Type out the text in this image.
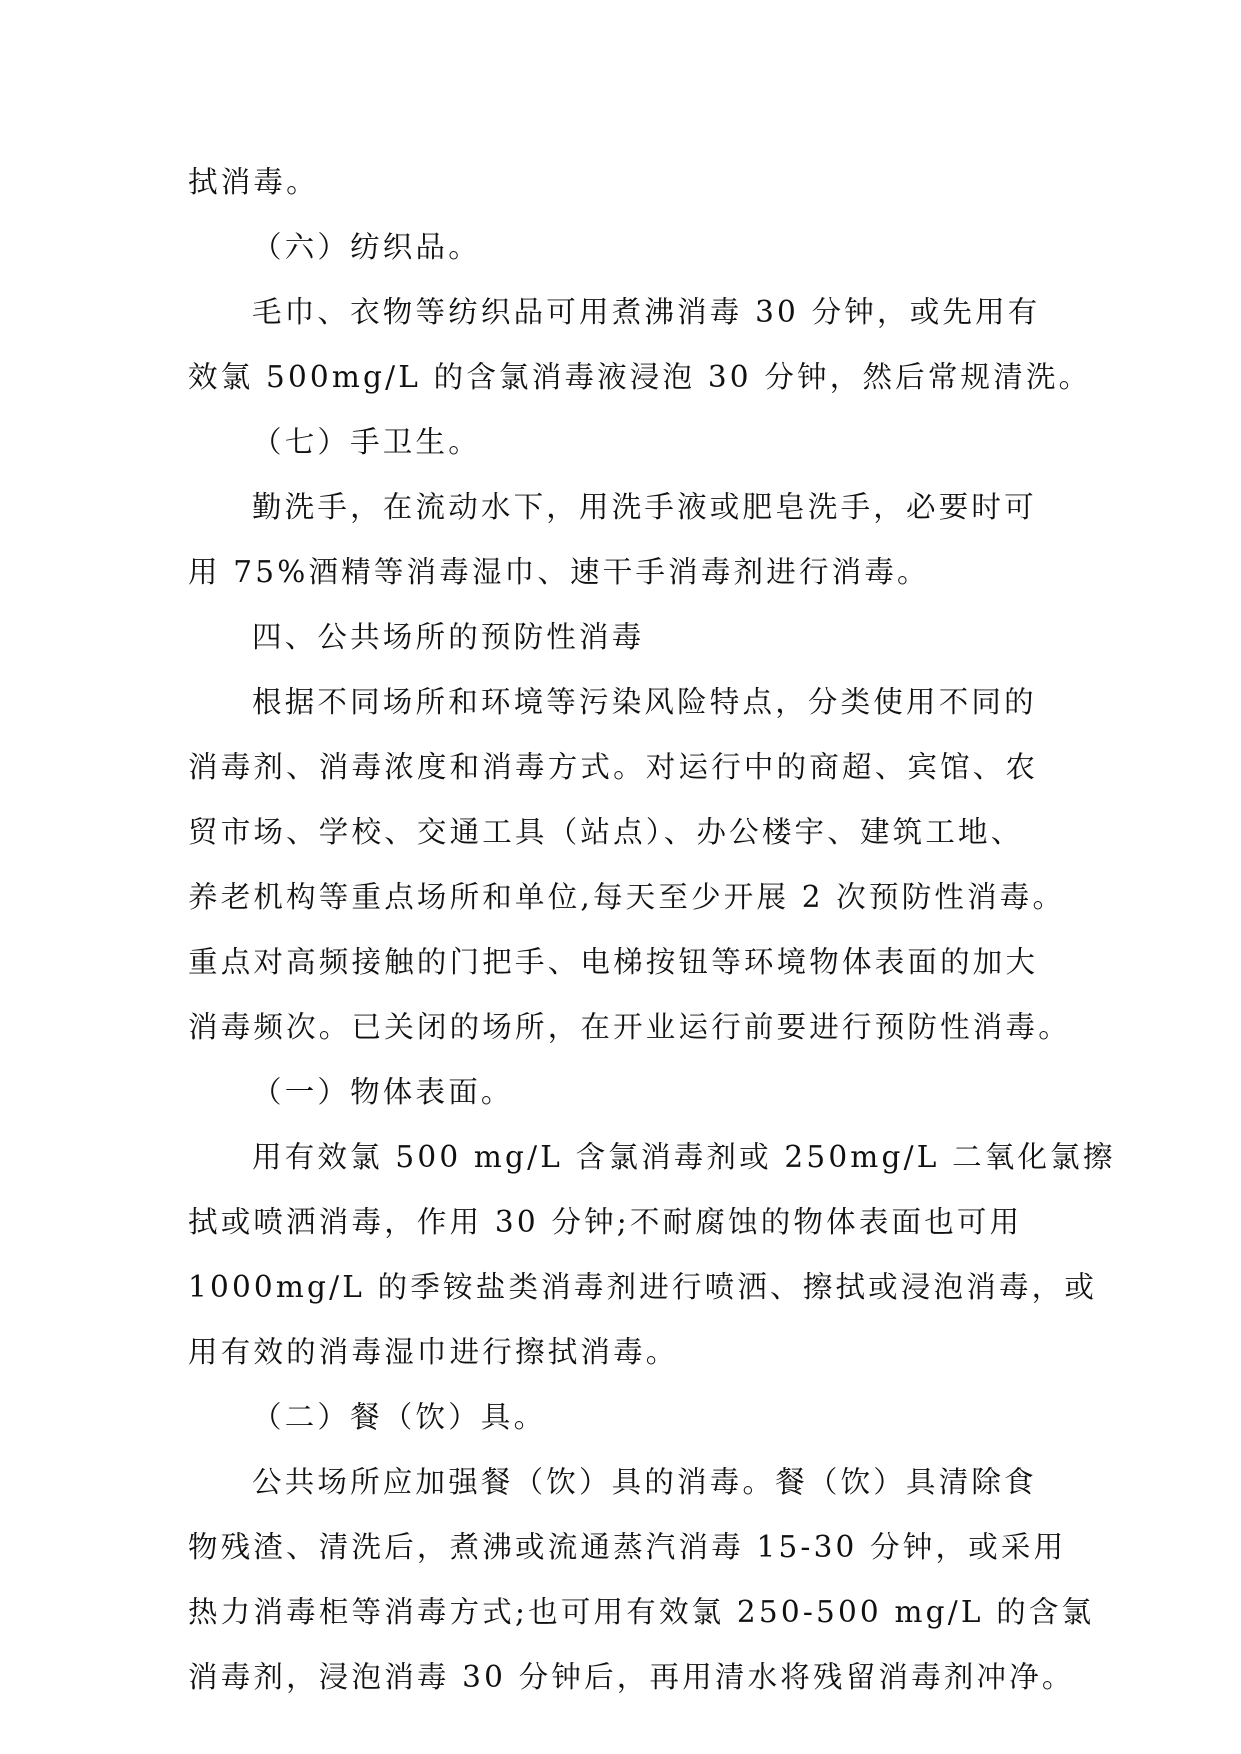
拭消毒。
（六）纺织品。
毛巾、衣物等纺织品可用煮沸消毒 30 分钟，或先用有
效氯 500mg/L 的含氯消毒液浸泡 30 分钟，然后常规清洗。
（七）手卫生。
勤洗手，在流动水下，用洗手液或肥皂洗手，必要时可
用 75%酒精等消毒湿巾、速干手消毒剂进行消毒。
四、公共场所的预防性消毒
根据不同场所和环境等污染风险特点，分类使用不同的
消毒剂、消毒浓度和消毒方式。对运行中的商超、宾馆、农
贸市场、学校、交通工具（站点）、办公楼宇、建筑工地、
养老机构等重点场所和单位,每天至少开展 2 次预防性消毒。
重点对高频接触的门把手、电梯按钮等环境物体表面的加大
消毒频次。已关闭的场所，在开业运行前要进行预防性消毒。
（一）物体表面。
用有效氯 500 mg/L 含氯消毒剂或 250mg/L 二氧化氯擦
拭或喷洒消毒，作用 30 分钟;不耐腐蚀的物体表面也可用
1000mg/L 的季铵盐类消毒剂进行喷洒、擦拭或浸泡消毒，或
用有效的消毒湿巾进行擦拭消毒。
（二）餐（饮）具。
公共场所应加强餐（饮）具的消毒。餐（饮）具清除食
物残渣、清洗后，煮沸或流通蒸汽消毒 15-30 分钟，或采用
热力消毒柜等消毒方式;也可用有效氯 250-500 mg/L 的含氯
消毒剂，浸泡消毒 30 分钟后，再用清水将残留消毒剂冲净。
